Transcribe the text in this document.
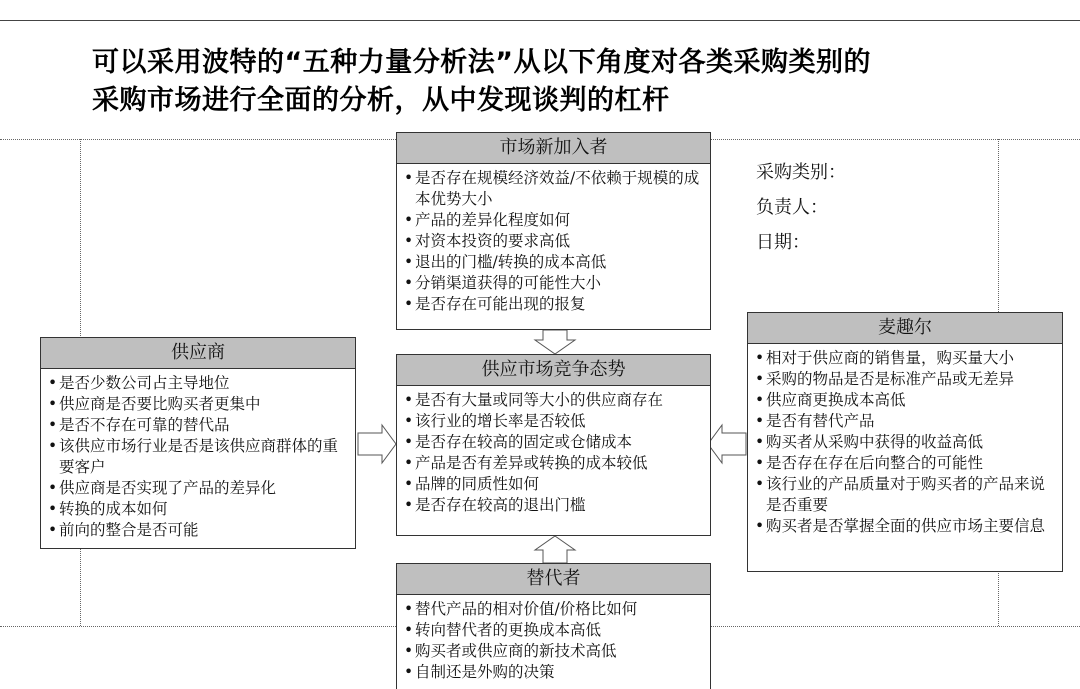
可以采用波特的“五种力量分析法”从以下角度对各类采购类别的
采购市场进行全面的分析，从中发现谈判的杠杆
市场新加入者
• 是否存在规模经济效益/不依赖于规模的成本优势大小
• 产品的差异化程度如何
• 对资本投资的要求高低
• 退出的门槛/转换的成本高低
• 分销渠道获得的可能性大小
• 是否存在可能出现的报复
供应商
• 是否少数公司占主导地位
• 供应商是否要比购买者更集中
• 是否不存在可靠的替代品
• 该供应市场行业是否是该供应商群体的重要客户
• 供应商是否实现了产品的差异化
• 转换的成本如何
• 前向的整合是否可能
供应市场竞争态势
• 是否有大量或同等大小的供应商存在
• 该行业的增长率是否较低
• 是否存在较高的固定或仓储成本
• 产品是否有差异或转换的成本较低
• 品牌的同质性如何
• 是否存在较高的退出门槛
麦趣尔
• 相对于供应商的销售量，购买量大小
• 采购的物品是否是标准产品或无差异
• 供应商更换成本高低
• 是否有替代产品
• 购买者从采购中获得的收益高低
• 是否存在存在后向整合的可能性
• 该行业的产品质量对于购买者的产品来说是否重要
• 购买者是否掌握全面的供应市场主要信息
替代者
• 替代产品的相对价值/价格比如何
• 转向替代者的更换成本高低
• 购买者或供应商的新技术高低
• 自制还是外购的决策
采购类别：
负责人：
日期：
